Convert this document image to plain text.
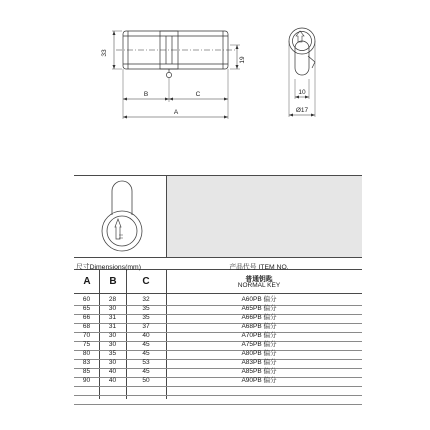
33
19
B	C
A
10
Ø17
尺寸Dimensions(mm)	产品代号 ITEM NO.
A	B	C	普通钥匙
NORMAL KEY
60	28	32	A60PB 偏分
65	30	35	A65PB 偏分
66	31	35	A66PB 偏分
68	31	37	A68PB 偏分
70	30	40	A70PB 偏分
75	30	45	A75PB 偏分
80	35	45	A80PB 偏分
83	30	53	A83PB 偏分
85	40	45	A85PB 偏分
90	40	50	A90PB 偏分
